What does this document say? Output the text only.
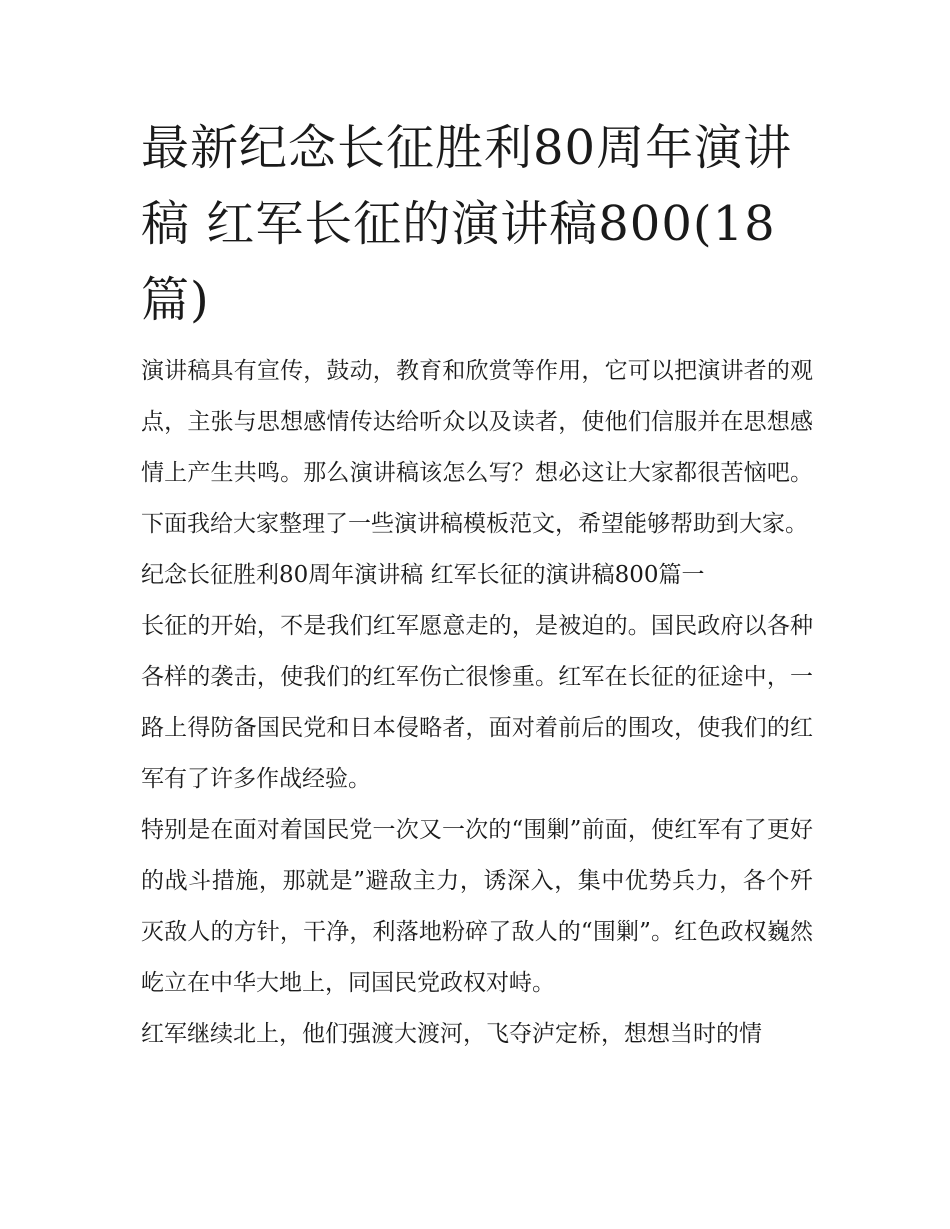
最新纪念长征胜利80周年演讲稿 红军长征的演讲稿800(18篇)

演讲稿具有宣传，鼓动，教育和欣赏等作用，它可以把演讲者的观点，主张与思想感情传达给听众以及读者，使他们信服并在思想感情上产生共鸣。那么演讲稿该怎么写？想必这让大家都很苦恼吧。下面我给大家整理了一些演讲稿模板范文，希望能够帮助到大家。

纪念长征胜利80周年演讲稿 红军长征的演讲稿800篇一

长征的开始，不是我们红军愿意走的，是被迫的。国民政府以各种各样的袭击，使我们的红军伤亡很惨重。红军在长征的征途中，一路上得防备国民党和日本侵略者，面对着前后的围攻，使我们的红军有了许多作战经验。

特别是在面对着国民党一次又一次的“围剿”前面，使红军有了更好的战斗措施，那就是”避敌主力，诱深入，集中优势兵力，各个歼灭敌人的方针，干净，利落地粉碎了敌人的“围剿”。红色政权巍然屹立在中华大地上，同国民党政权对峙。

红军继续北上，他们强渡大渡河，飞夺泸定桥，想想当时的情
